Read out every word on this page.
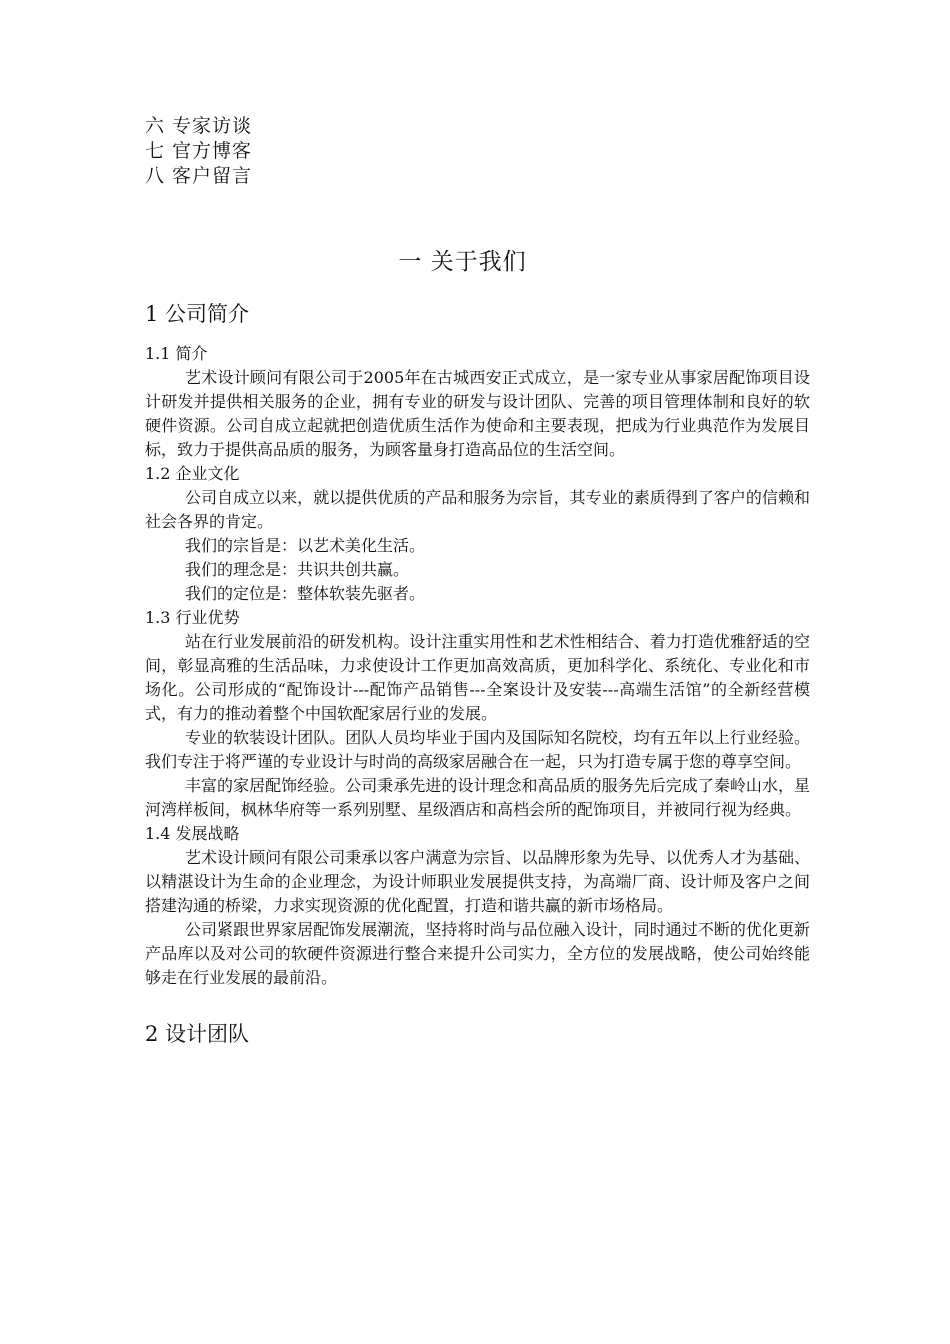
六 专家访谈
七 官方博客
八 客户留言
一 关于我们
1 公司简介
1.1 简介

艺术设计顾问有限公司于2005年在古城西安正式成立，是一家专业从事家居配饰项目设计研发并提供相关服务的企业，拥有专业的研发与设计团队、完善的项目管理体制和良好的软硬件资源。公司自成立起就把创造优质生活作为使命和主要表现，把成为行业典范作为发展目标，致力于提供高品质的服务，为顾客量身打造高品位的生活空间。

1.2 企业文化

公司自成立以来，就以提供优质的产品和服务为宗旨，其专业的素质得到了客户的信赖和社会各界的肯定。

我们的宗旨是：以艺术美化生活。

我们的理念是：共识共创共赢。

我们的定位是：整体软装先驱者。

1.3 行业优势

站在行业发展前沿的研发机构。设计注重实用性和艺术性相结合、着力打造优雅舒适的空间，彰显高雅的生活品味，力求使设计工作更加高效高质，更加科学化、系统化、专业化和市场化。公司形成的“配饰设计---配饰产品销售---全案设计及安装---高端生活馆”的全新经营模式，有力的推动着整个中国软配家居行业的发展。

专业的软装设计团队。团队人员均毕业于国内及国际知名院校，均有五年以上行业经验。我们专注于将严谨的专业设计与时尚的高级家居融合在一起，只为打造专属于您的尊享空间。

丰富的家居配饰经验。公司秉承先进的设计理念和高品质的服务先后完成了秦岭山水，星河湾样板间，枫林华府等一系列别墅、星级酒店和高档会所的配饰项目，并被同行视为经典。

1.4 发展战略

艺术设计顾问有限公司秉承以客户满意为宗旨、以品牌形象为先导、以优秀人才为基础、以精湛设计为生命的企业理念，为设计师职业发展提供支持，为高端厂商、设计师及客户之间搭建沟通的桥梁，力求实现资源的优化配置，打造和谐共赢的新市场格局。

公司紧跟世界家居配饰发展潮流，坚持将时尚与品位融入设计，同时通过不断的优化更新产品库以及对公司的软硬件资源进行整合来提升公司实力，全方位的发展战略，使公司始终能够走在行业发展的最前沿。

2 设计团队
